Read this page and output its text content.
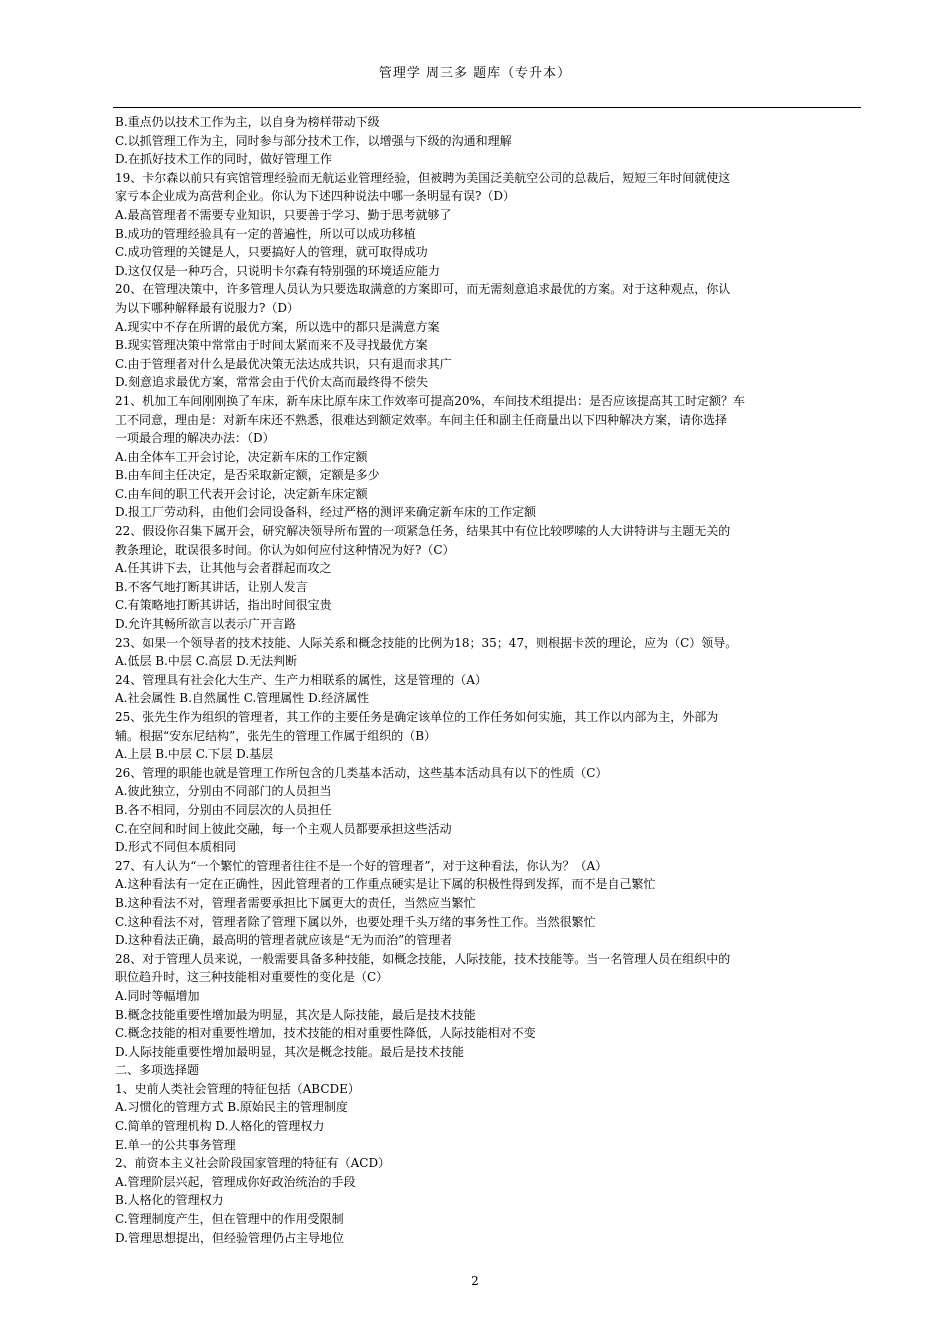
管理学 周三多 题库（专升本）
B.重点仍以技术工作为主，以自身为榜样带动下级
C.以抓管理工作为主，同时参与部分技术工作，以增强与下级的沟通和理解
D.在抓好技术工作的同时，做好管理工作
19、卡尔森以前只有宾馆管理经验而无航运业管理经验，但被聘为美国泛美航空公司的总裁后，短短三年时间就使这
家亏本企业成为高营利企业。你认为下述四种说法中哪一条明显有误?（D）
A.最高管理者不需要专业知识，只要善于学习、勤于思考就够了
B.成功的管理经验具有一定的普遍性，所以可以成功移植
C.成功管理的关键是人，只要搞好人的管理，就可取得成功
D.这仅仅是一种巧合，只说明卡尔森有特别强的环境适应能力
20、在管理决策中，许多管理人员认为只要选取满意的方案即可，而无需刻意追求最优的方案。对于这种观点，你认
为以下哪种解释最有说服力?（D）
A.现实中不存在所谓的最优方案，所以选中的都只是满意方案
B.现实管理决策中常常由于时间太紧而来不及寻找最优方案
C.由于管理者对什么是最优决策无法达成共识，只有退而求其广
D.刻意追求最优方案，常常会由于代价太高而最终得不偿失
21、机加工车间刚刚换了车床，新车床比原车床工作效率可提高20%，车间技术组提出：是否应该提高其工时定额？车
工不同意，理由是：对新车床还不熟悉，很难达到额定效率。车间主任和副主任商量出以下四种解决方案，请你选择
一项最合理的解决办法：（D）
A.由全体车工开会讨论，决定新车床的工作定额
B.由车间主任决定，是否采取新定额，定额是多少
C.由车间的职工代表开会讨论，决定新车床定额
D.报工厂劳动科，由他们会同设备科，经过严格的测评来确定新车床的工作定额
22、假设你召集下属开会，研究解决领导所布置的一项紧急任务，结果其中有位比较啰嗦的人大讲特讲与主题无关的
教条理论，耽误很多时间。你认为如何应付这种情况为好?（C）
A.任其讲下去，让其他与会者群起而攻之
B.不客气地打断其讲话，让别人发言
C.有策略地打断其讲话，指出时间很宝贵
D.允许其畅所欲言以表示广开言路
23、如果一个领导者的技术技能、人际关系和概念技能的比例为18；35；47，则根据卡茨的理论，应为（C）领导。
A.低层 B.中层 C.高层 D.无法判断
24、管理具有社会化大生产、生产力相联系的属性，这是管理的（A）
A.社会属性 B.自然属性 C.管理属性 D.经济属性
25、张先生作为组织的管理者，其工作的主要任务是确定该单位的工作任务如何实施，其工作以内部为主，外部为
辅。根据“安东尼结构”，张先生的管理工作属于组织的（B）
A.上层 B.中层 C.下层 D.基层
26、管理的职能也就是管理工作所包含的几类基本活动，这些基本活动具有以下的性质（C）
A.彼此独立，分别由不同部门的人员担当
B.各不相同，分别由不同层次的人员担任
C.在空间和时间上彼此交融，每一个主观人员都要承担这些活动
D.形式不同但本质相同
27、有人认为“一个繁忙的管理者往往不是一个好的管理者”，对于这种看法，你认为？（A）
A.这种看法有一定在正确性，因此管理者的工作重点硬实是让下属的积极性得到发挥，而不是自己繁忙
B.这种看法不对，管理者需要承担比下属更大的责任，当然应当繁忙
C.这种看法不对，管理者除了管理下属以外，也要处理千头万绪的事务性工作。当然很繁忙
D.这种看法正确，最高明的管理者就应该是“无为而治”的管理者
28、对于管理人员来说，一般需要具备多种技能，如概念技能，人际技能，技术技能等。当一名管理人员在组织中的
职位趋升时，这三种技能相对重要性的变化是（C）
A.同时等幅增加
B.概念技能重要性增加最为明显，其次是人际技能，最后是技术技能
C.概念技能的相对重要性增加，技术技能的相对重要性降低，人际技能相对不变
D.人际技能重要性增加最明显，其次是概念技能。最后是技术技能
二、多项选择题
1、史前人类社会管理的特征包括（ABCDE）
A.习惯化的管理方式 B.原始民主的管理制度
C.简单的管理机构 D.人格化的管理权力
E.单一的公共事务管理
2、前资本主义社会阶段国家管理的特征有（ACD）
A.管理阶层兴起，管理成你好政治统治的手段
B.人格化的管理权力
C.管理制度产生，但在管理中的作用受限制
D.管理思想提出，但经验管理仍占主导地位
2
